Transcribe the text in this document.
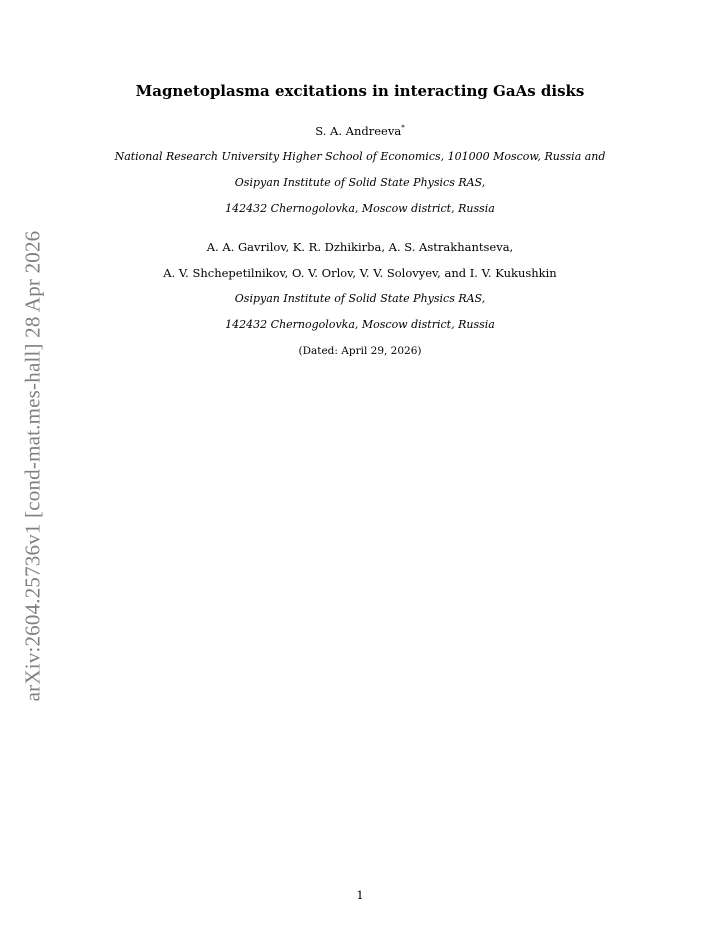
arXiv:2604.25736v1 [cond-mat.mes-hall] 28 Apr 2026
Magnetoplasma excitations in interacting GaAs disks
S. A. Andreeva*
National Research University Higher School of Economics, 101000 Moscow, Russia and
Osipyan Institute of Solid State Physics RAS,
142432 Chernogolovka, Moscow district, Russia
A. A. Gavrilov, K. R. Dzhikirba, A. S. Astrakhantseva,
A. V. Shchepetilnikov, O. V. Orlov, V. V. Solovyev, and I. V. Kukushkin
Osipyan Institute of Solid State Physics RAS,
142432 Chernogolovka, Moscow district, Russia
(Dated: April 29, 2026)
1
